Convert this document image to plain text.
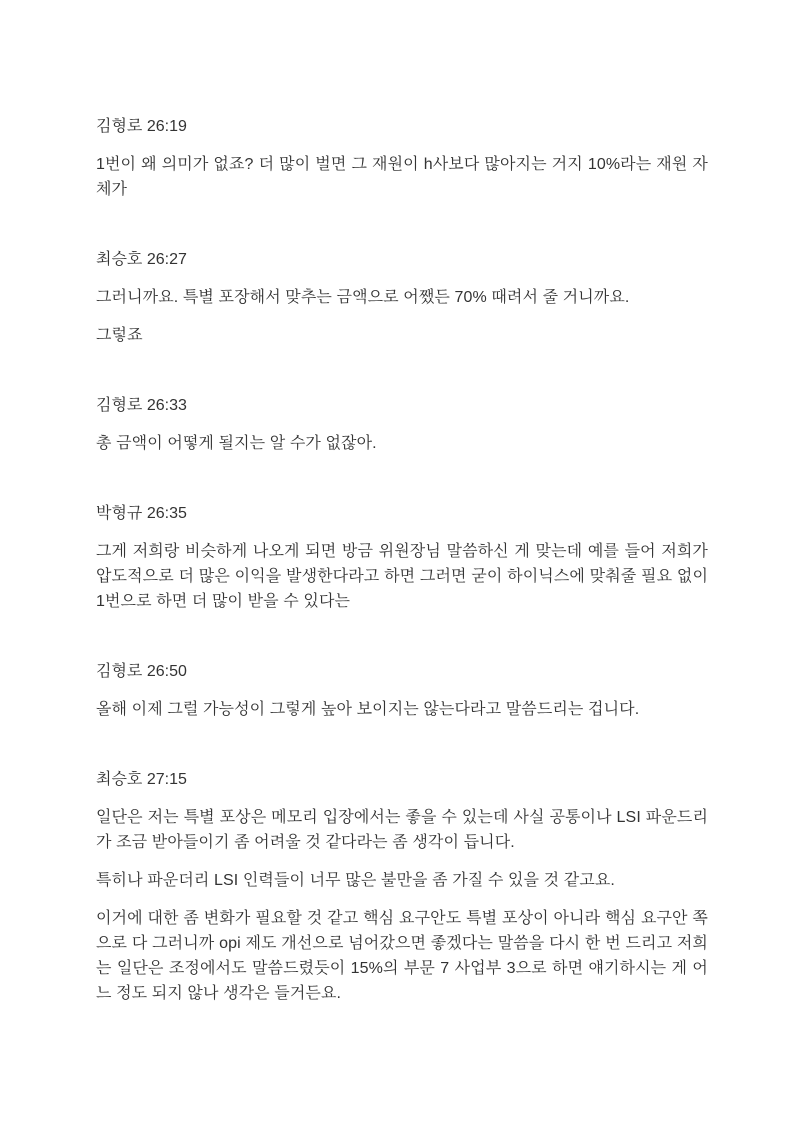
김형로 26:19

1번이 왜 의미가 없죠? 더 많이 벌면 그 재원이 h사보다 많아지는 거지 10%라는 재원 자체가

최승호 26:27

그러니까요. 특별 포장해서 맞추는 금액으로 어쨌든 70% 때려서 줄 거니까요.

그렇죠

김형로 26:33

총 금액이 어떻게 될지는 알 수가 없잖아.

박형규 26:35

그게 저희랑 비슷하게 나오게 되면 방금 위원장님 말씀하신 게 맞는데 예를 들어 저희가 압도적으로 더 많은 이익을 발생한다라고 하면 그러면 굳이 하이닉스에 맞춰줄 필요 없이 1번으로 하면 더 많이 받을 수 있다는

김형로 26:50

올해 이제 그럴 가능성이 그렇게 높아 보이지는 않는다라고 말씀드리는 겁니다.

최승호 27:15

일단은 저는 특별 포상은 메모리 입장에서는 좋을 수 있는데 사실 공통이나 LSI 파운드리가 조금 받아들이기 좀 어려울 것 같다라는 좀 생각이 듭니다.

특히나 파운더리 LSI 인력들이 너무 많은 불만을 좀 가질 수 있을 것 같고요.

이거에 대한 좀 변화가 필요할 것 같고 핵심 요구안도 특별 포상이 아니라 핵심 요구안 쪽으로 다 그러니까 opi 제도 개선으로 넘어갔으면 좋겠다는 말씀을 다시 한 번 드리고 저희는 일단은 조정에서도 말씀드렸듯이 15%의 부문 7 사업부 3으로 하면 얘기하시는 게 어느 정도 되지 않나 생각은 들거든요.
